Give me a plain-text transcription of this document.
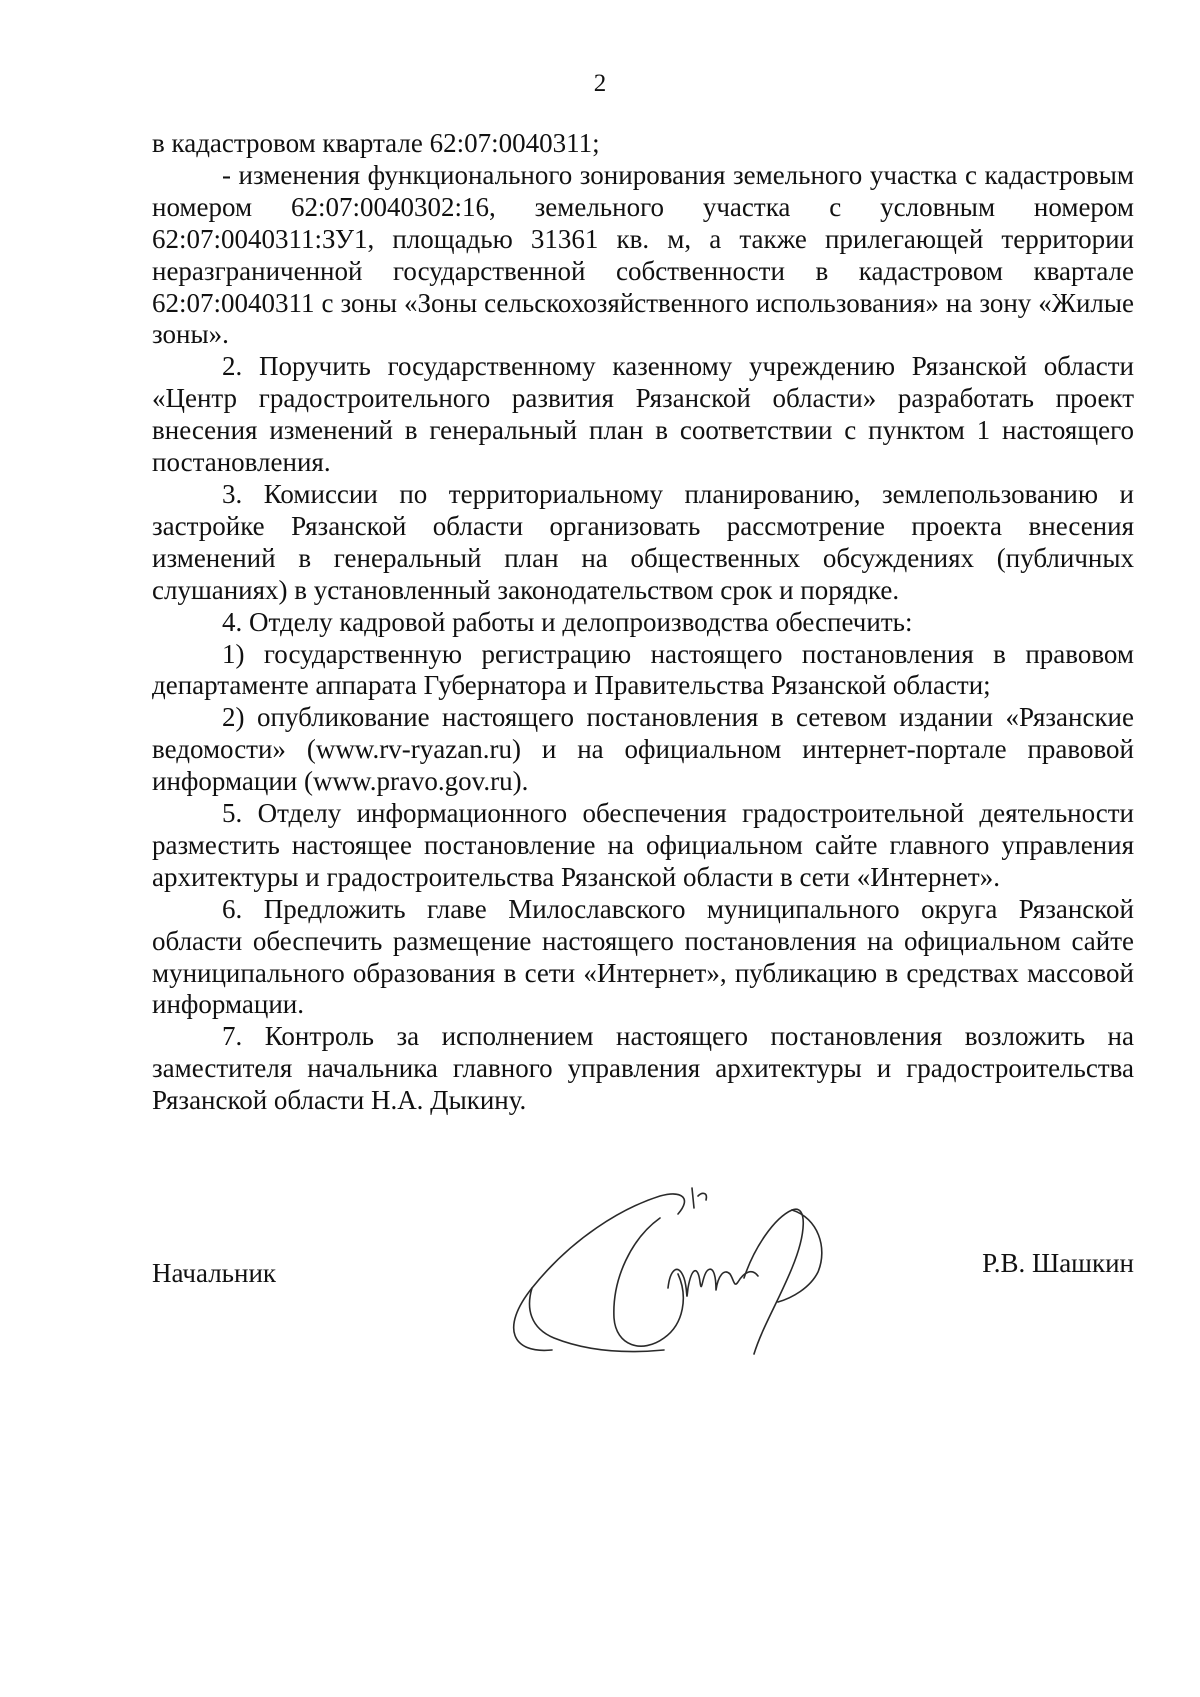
2

в кадастровом квартале 62:07:0040311;

- изменения функционального зонирования земельного участка с кадастровым номером 62:07:0040302:16, земельного участка с условным номером 62:07:0040311:ЗУ1, площадью 31361 кв. м, а также прилегающей территории неразграниченной государственной собственности в кадастровом квартале 62:07:0040311 с зоны «Зоны сельскохозяйственного использования» на зону «Жилые зоны».

2. Поручить государственному казенному учреждению Рязанской области «Центр градостроительного развития Рязанской области» разработать проект внесения изменений в генеральный план в соответствии с пунктом 1 настоящего постановления.

3. Комиссии по территориальному планированию, землепользованию и застройке Рязанской области организовать рассмотрение проекта внесения изменений в генеральный план на общественных обсуждениях (публичных слушаниях) в установленный законодательством срок и порядке.

4. Отделу кадровой работы и делопроизводства обеспечить:

1) государственную регистрацию настоящего постановления в правовом департаменте аппарата Губернатора и Правительства Рязанской области;

2) опубликование настоящего постановления в сетевом издании «Рязанские ведомости» (www.rv-ryazan.ru) и на официальном интернет-портале правовой информации (www.pravo.gov.ru).

5. Отделу информационного обеспечения градостроительной деятельности разместить настоящее постановление на официальном сайте главного управления архитектуры и градостроительства Рязанской области в сети «Интернет».

6. Предложить главе Милославского муниципального округа Рязанской области обеспечить размещение настоящего постановления на официальном сайте муниципального образования в сети «Интернет», публикацию в средствах массовой информации.

7. Контроль за исполнением настоящего постановления возложить на заместителя начальника главного управления архитектуры и градостроительства Рязанской области Н.А. Дыкину.

Начальник	Р.В. Шашкин
